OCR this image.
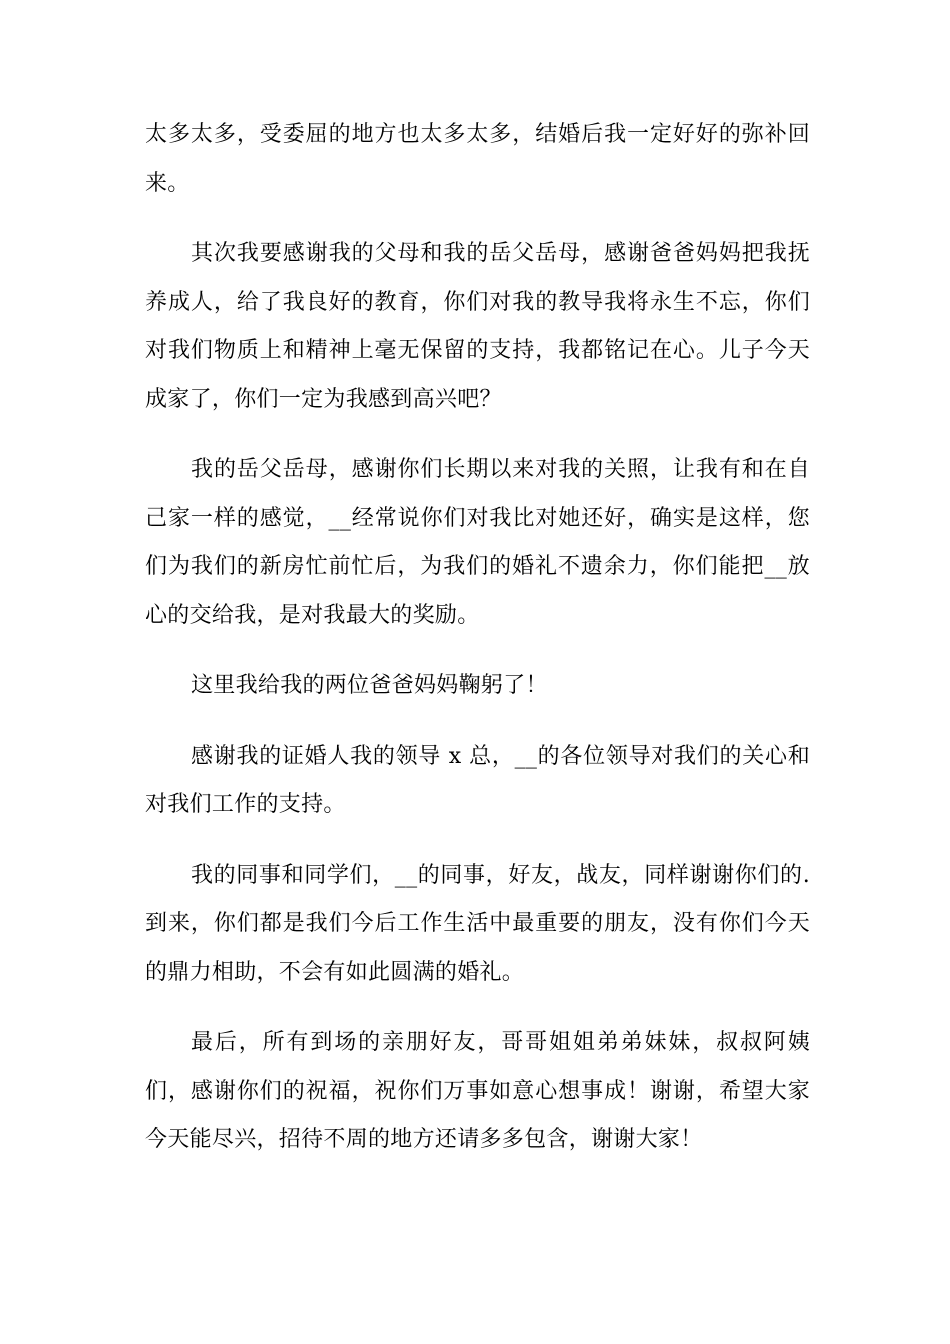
太多太多，受委屈的地方也太多太多，结婚后我一定好好的弥补回来。

其次我要感谢我的父母和我的岳父岳母，感谢爸爸妈妈把我抚养成人，给了我良好的教育，你们对我的教导我将永生不忘，你们对我们物质上和精神上毫无保留的支持，我都铭记在心。儿子今天成家了，你们一定为我感到高兴吧？

我的岳父岳母，感谢你们长期以来对我的关照，让我有和在自己家一样的感觉，__经常说你们对我比对她还好，确实是这样，您们为我们的新房忙前忙后，为我们的婚礼不遗余力，你们能把__放心的交给我，是对我最大的奖励。

这里我给我的两位爸爸妈妈鞠躬了！

感谢我的证婚人我的领导 x 总，__的各位领导对我们的关心和对我们工作的支持。

我的同事和同学们，__的同事，好友，战友，同样谢谢你们的. 到来，你们都是我们今后工作生活中最重要的朋友，没有你们今天的鼎力相助，不会有如此圆满的婚礼。

最后，所有到场的亲朋好友，哥哥姐姐弟弟妹妹，叔叔阿姨们，感谢你们的祝福，祝你们万事如意心想事成！谢谢，希望大家今天能尽兴，招待不周的地方还请多多包含，谢谢大家！
